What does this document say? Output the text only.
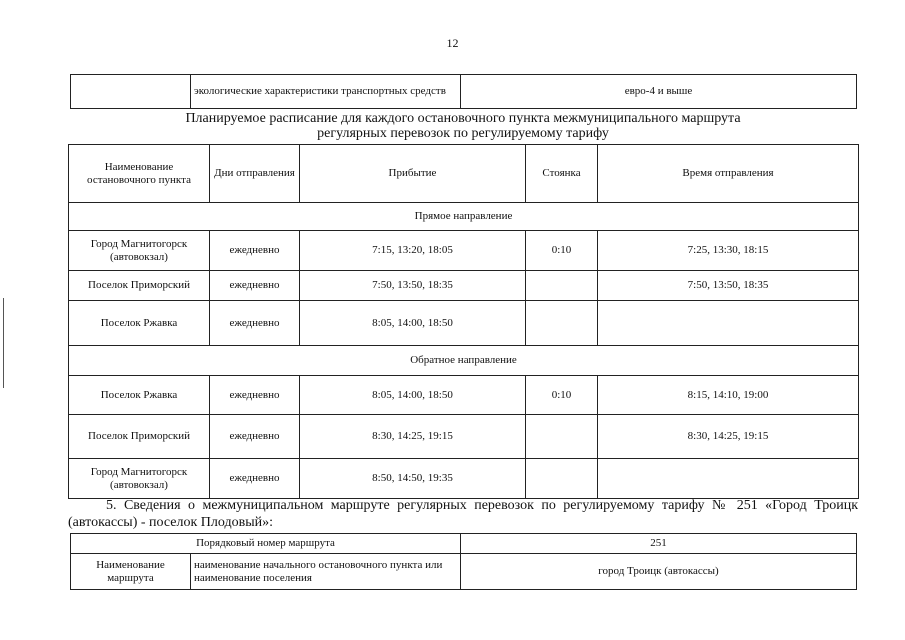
12
	экологические характеристики транспортных средств	евро-4 и выше
Планируемое расписание для каждого остановочного пункта межмуниципального маршрута
регулярных перевозок по регулируемому тарифу
Наименование остановочного пункта	Дни отправления	Прибытие	Стоянка	Время отправления
Прямое направление				
Город Магнитогорск (автовокзал)	ежедневно	7:15, 13:20, 18:05	0:10	7:25, 13:30, 18:15
Поселок Приморский	ежедневно	7:50, 13:50, 18:35		7:50, 13:50, 18:35
Поселок Ржавка	ежедневно	8:05, 14:00, 18:50		
Обратное направление				
Поселок Ржавка	ежедневно	8:05, 14:00, 18:50	0:10	8:15, 14:10, 19:00
Поселок Приморский	ежедневно	8:30, 14:25, 19:15		8:30, 14:25, 19:15
Город Магнитогорск (автовокзал)	ежедневно	8:50, 14:50, 19:35		
5. Сведения о межмуниципальном маршруте регулярных перевозок по регулируемому тарифу № 251 «Город Троицк (автокассы) - поселок Плодовый»:
Порядковый номер маршрута		251
Наименование маршрута	наименование начального остановочного пункта или наименование поселения	город Троицк (автокассы)
